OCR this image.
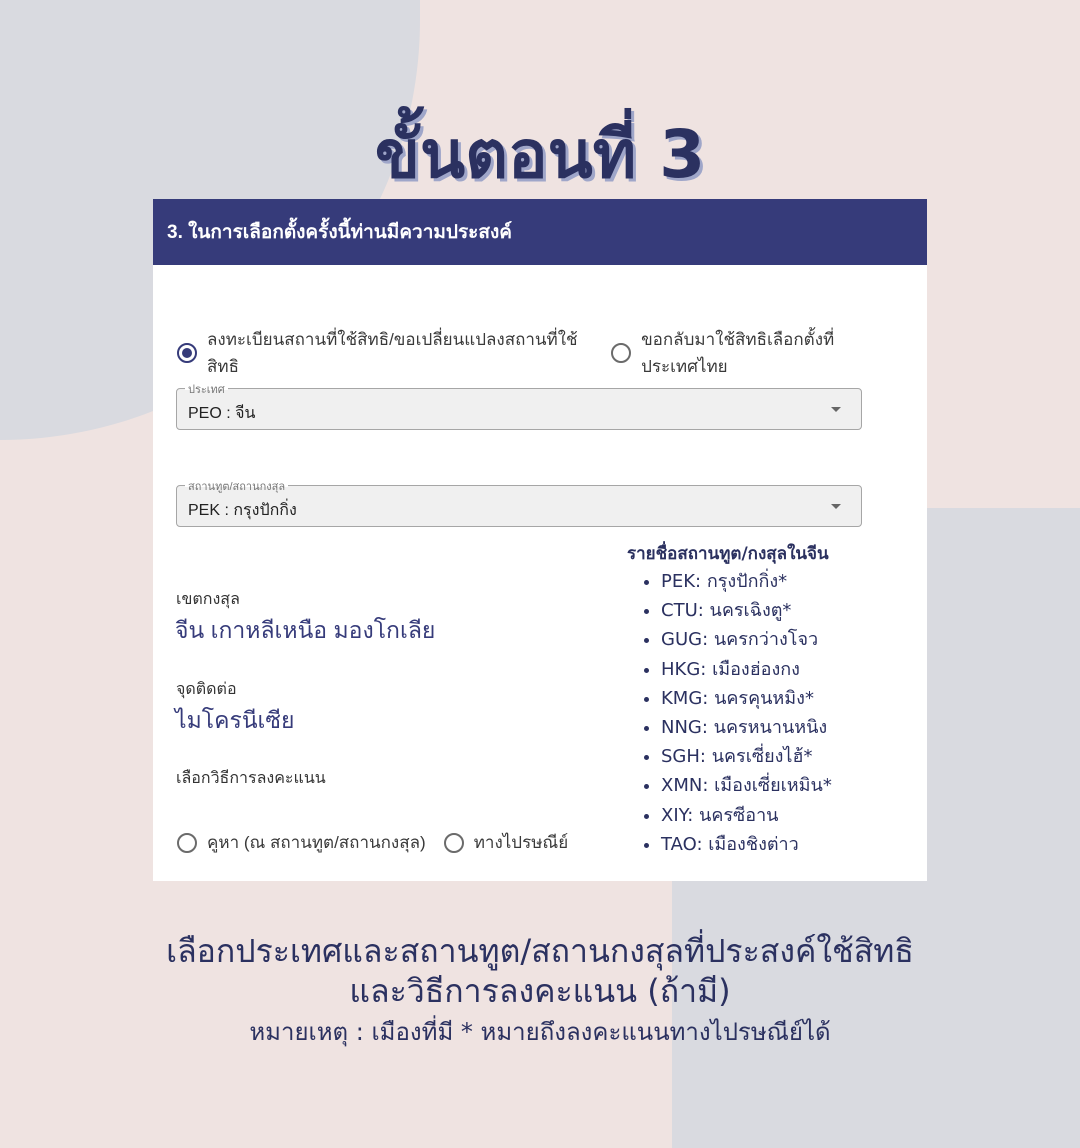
ขั้นตอนที่ 3
3. ในการเลือกตั้งครั้งนี้ท่านมีความประสงค์
ลงทะเบียนสถานที่ใช้สิทธิ/ขอเปลี่ยนแปลงสถานที่ใช้สิทธิ
ขอกลับมาใช้สิทธิเลือกตั้งที่ประเทศไทย
ประเทศ
PEO : จีน
สถานทูต/สถานกงสุล
PEK : กรุงปักกิ่ง
เขตกงสุล
จีน เกาหลีเหนือ มองโกเลีย
จุดติดต่อ
ไมโครนีเซีย
เลือกวิธีการลงคะแนน
คูหา (ณ สถานทูต/สถานกงสุล)	ทางไปรษณีย์
รายชื่อสถานทูต/กงสุลในจีน
• PEK: กรุงปักกิ่ง*
• CTU: นครเฉิงตู*
• GUG: นครกว่างโจว
• HKG: เมืองฮ่องกง
• KMG: นครคุนหมิง*
• NNG: นครหนานหนิง
• SGH: นครเซี่ยงไฮ้*
• XMN: เมืองเซี่ยเหมิน*
• XIY: นครซีอาน
• TAO: เมืองชิงต่าว
เลือกประเทศและสถานทูต/สถานกงสุลที่ประสงค์ใช้สิทธิ
และวิธีการลงคะแนน (ถ้ามี)
หมายเหตุ : เมืองที่มี * หมายถึงลงคะแนนทางไปรษณีย์ได้
